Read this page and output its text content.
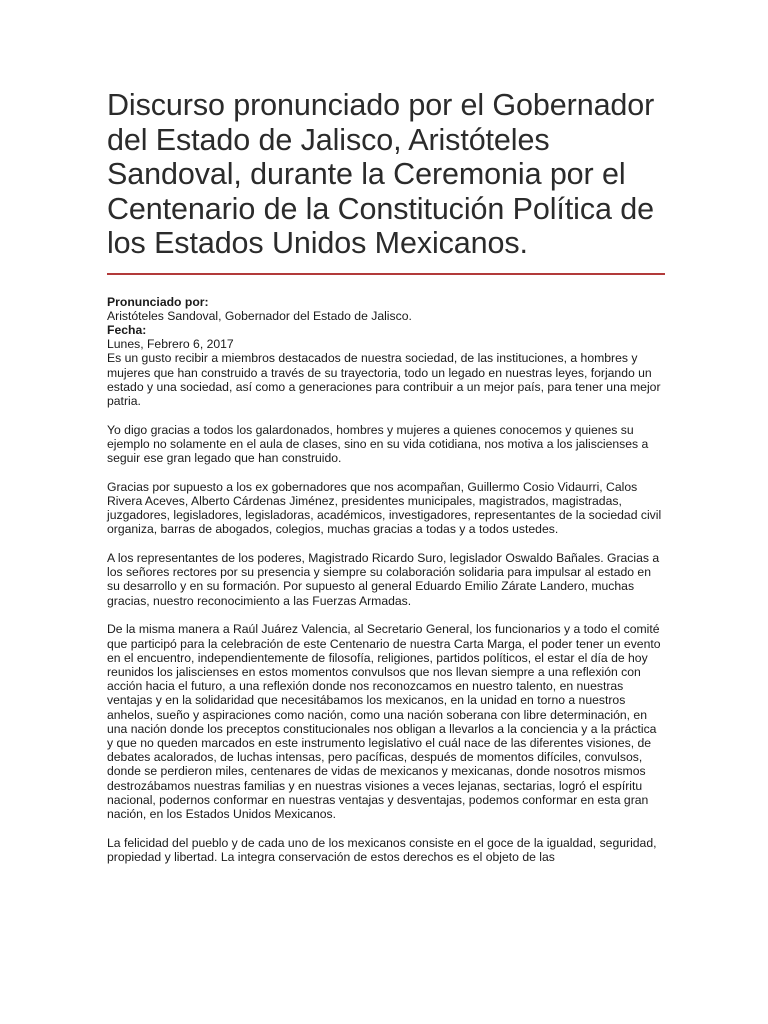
Discurso pronunciado por el Gobernador del Estado de Jalisco, Aristóteles Sandoval, durante la Ceremonia por el Centenario de la Constitución Política de los Estados Unidos Mexicanos.
Pronunciado por:
Aristóteles Sandoval, Gobernador del Estado de Jalisco.
Fecha:
Lunes, Febrero 6, 2017

Es un gusto recibir a miembros destacados de nuestra sociedad, de las instituciones, a hombres y mujeres que han construido a través de su trayectoria, todo un legado en nuestras leyes, forjando un estado y una sociedad, así como a generaciones para contribuir a un mejor país, para tener una mejor patria.

Yo digo gracias a todos los galardonados, hombres y mujeres a quienes conocemos y quienes su ejemplo no solamente en el aula de clases, sino en su vida cotidiana, nos motiva a los jaliscienses a seguir ese gran legado que han construido.

Gracias por supuesto a los ex gobernadores que nos acompañan, Guillermo Cosio Vidaurri, Calos Rivera Aceves, Alberto Cárdenas Jiménez, presidentes municipales, magistrados, magistradas, juzgadores, legisladores, legisladoras, académicos, investigadores, representantes de la sociedad civil organiza, barras de abogados, colegios, muchas gracias a todas y a todos ustedes.

A los representantes de los poderes, Magistrado Ricardo Suro, legislador Oswaldo Bañales. Gracias a los señores rectores por su presencia y siempre su colaboración solidaria para impulsar al estado en su desarrollo y en su formación. Por supuesto al general Eduardo Emilio Zárate Landero, muchas gracias, nuestro reconocimiento a las Fuerzas Armadas.

De la misma manera a Raúl Juárez Valencia, al Secretario General, los funcionarios y a todo el comité que participó para la celebración de este Centenario de nuestra Carta Marga, el poder tener un evento en el encuentro, independientemente de filosofía, religiones, partidos políticos, el estar el día de hoy reunidos los jaliscienses en estos momentos convulsos que nos llevan siempre a una reflexión con acción hacia el futuro, a una reflexión donde nos reconozcamos en nuestro talento, en nuestras ventajas y en la solidaridad que necesitábamos los mexicanos, en la unidad en torno a nuestros anhelos, sueño y aspiraciones como nación, como una nación soberana con libre determinación, en una nación donde los preceptos constitucionales nos obligan a llevarlos a la conciencia y a la práctica y que no queden marcados en este instrumento legislativo el cuál nace de las diferentes visiones, de debates acalorados, de luchas intensas, pero pacíficas, después de momentos difíciles, convulsos, donde se perdieron miles, centenares de vidas de mexicanos y mexicanas, donde nosotros mismos destrozábamos nuestras familias y en nuestras visiones a veces lejanas, sectarias, logró el espíritu nacional, podernos conformar en nuestras ventajas y desventajas, podemos conformar en esta gran nación, en los Estados Unidos Mexicanos.

La felicidad del pueblo y de cada uno de los mexicanos consiste en el goce de la igualdad, seguridad, propiedad y libertad. La integra conservación de estos derechos es el objeto de las
